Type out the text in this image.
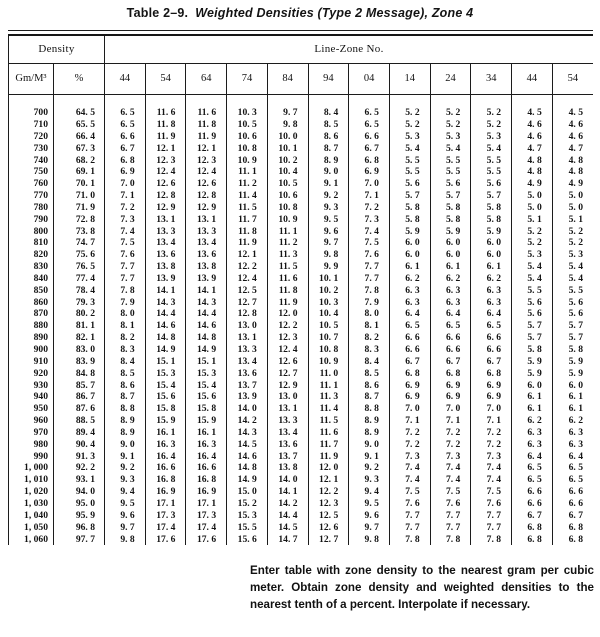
Table 2–9. Weighted Densities (Type 2 Message), Zone 4
Density		Line-Zone No.											
Gm/M³	%	44	54	64	74	84	94	04	14	24	34	44	54
700	64. 5	6. 5	11. 6	11. 6	10. 3	9. 7	8. 4	6. 5	5. 2	5. 2	5. 2	4. 5	4. 5
710	65. 5	6. 5	11. 8	11. 8	10. 5	9. 8	8. 5	6. 5	5. 2	5. 2	5. 2	4. 6	4. 6
720	66. 4	6. 6	11. 9	11. 9	10. 6	10. 0	8. 6	6. 6	5. 3	5. 3	5. 3	4. 6	4. 6
730	67. 3	6. 7	12. 1	12. 1	10. 8	10. 1	8. 7	6. 7	5. 4	5. 4	5. 4	4. 7	4. 7
740	68. 2	6. 8	12. 3	12. 3	10. 9	10. 2	8. 9	6. 8	5. 5	5. 5	5. 5	4. 8	4. 8
750	69. 1	6. 9	12. 4	12. 4	11. 1	10. 4	9. 0	6. 9	5. 5	5. 5	5. 5	4. 8	4. 8
760	70. 1	7. 0	12. 6	12. 6	11. 2	10. 5	9. 1	7. 0	5. 6	5. 6	5. 6	4. 9	4. 9
770	71. 0	7. 1	12. 8	12. 8	11. 4	10. 6	9. 2	7. 1	5. 7	5. 7	5. 7	5. 0	5. 0
780	71. 9	7. 2	12. 9	12. 9	11. 5	10. 8	9. 3	7. 2	5. 8	5. 8	5. 8	5. 0	5. 0
790	72. 8	7. 3	13. 1	13. 1	11. 7	10. 9	9. 5	7. 3	5. 8	5. 8	5. 8	5. 1	5. 1
800	73. 8	7. 4	13. 3	13. 3	11. 8	11. 1	9. 6	7. 4	5. 9	5. 9	5. 9	5. 2	5. 2
810	74. 7	7. 5	13. 4	13. 4	11. 9	11. 2	9. 7	7. 5	6. 0	6. 0	6. 0	5. 2	5. 2
820	75. 6	7. 6	13. 6	13. 6	12. 1	11. 3	9. 8	7. 6	6. 0	6. 0	6. 0	5. 3	5. 3
830	76. 5	7. 7	13. 8	13. 8	12. 2	11. 5	9. 9	7. 7	6. 1	6. 1	6. 1	5. 4	5. 4
840	77. 4	7. 7	13. 9	13. 9	12. 4	11. 6	10. 1	7. 7	6. 2	6. 2	6. 2	5. 4	5. 4
850	78. 4	7. 8	14. 1	14. 1	12. 5	11. 8	10. 2	7. 8	6. 3	6. 3	6. 3	5. 5	5. 5
860	79. 3	7. 9	14. 3	14. 3	12. 7	11. 9	10. 3	7. 9	6. 3	6. 3	6. 3	5. 6	5. 6
870	80. 2	8. 0	14. 4	14. 4	12. 8	12. 0	10. 4	8. 0	6. 4	6. 4	6. 4	5. 6	5. 6
880	81. 1	8. 1	14. 6	14. 6	13. 0	12. 2	10. 5	8. 1	6. 5	6. 5	6. 5	5. 7	5. 7
890	82. 1	8. 2	14. 8	14. 8	13. 1	12. 3	10. 7	8. 2	6. 6	6. 6	6. 6	5. 7	5. 7
900	83. 0	8. 3	14. 9	14. 9	13. 3	12. 4	10. 8	8. 3	6. 6	6. 6	6. 6	5. 8	5. 8
910	83. 9	8. 4	15. 1	15. 1	13. 4	12. 6	10. 9	8. 4	6. 7	6. 7	6. 7	5. 9	5. 9
920	84. 8	8. 5	15. 3	15. 3	13. 6	12. 7	11. 0	8. 5	6. 8	6. 8	6. 8	5. 9	5. 9
930	85. 7	8. 6	15. 4	15. 4	13. 7	12. 9	11. 1	8. 6	6. 9	6. 9	6. 9	6. 0	6. 0
940	86. 7	8. 7	15. 6	15. 6	13. 9	13. 0	11. 3	8. 7	6. 9	6. 9	6. 9	6. 1	6. 1
950	87. 6	8. 8	15. 8	15. 8	14. 0	13. 1	11. 4	8. 8	7. 0	7. 0	7. 0	6. 1	6. 1
960	88. 5	8. 9	15. 9	15. 9	14. 2	13. 3	11. 5	8. 9	7. 1	7. 1	7. 1	6. 2	6. 2
970	89. 4	8. 9	16. 1	16. 1	14. 3	13. 4	11. 6	8. 9	7. 2	7. 2	7. 2	6. 3	6. 3
980	90. 4	9. 0	16. 3	16. 3	14. 5	13. 6	11. 7	9. 0	7. 2	7. 2	7. 2	6. 3	6. 3
990	91. 3	9. 1	16. 4	16. 4	14. 6	13. 7	11. 9	9. 1	7. 3	7. 3	7. 3	6. 4	6. 4
1, 000	92. 2	9. 2	16. 6	16. 6	14. 8	13. 8	12. 0	9. 2	7. 4	7. 4	7. 4	6. 5	6. 5
1, 010	93. 1	9. 3	16. 8	16. 8	14. 9	14. 0	12. 1	9. 3	7. 4	7. 4	7. 4	6. 5	6. 5
1, 020	94. 0	9. 4	16. 9	16. 9	15. 0	14. 1	12. 2	9. 4	7. 5	7. 5	7. 5	6. 6	6. 6
1, 030	95. 0	9. 5	17. 1	17. 1	15. 2	14. 2	12. 3	9. 5	7. 6	7. 6	7. 6	6. 6	6. 6
1, 040	95. 9	9. 6	17. 3	17. 3	15. 3	14. 4	12. 5	9. 6	7. 7	7. 7	7. 7	6. 7	6. 7
1, 050	96. 8	9. 7	17. 4	17. 4	15. 5	14. 5	12. 6	9. 7	7. 7	7. 7	7. 7	6. 8	6. 8
1, 060	97. 7	9. 8	17. 6	17. 6	15. 6	14. 7	12. 7	9. 8	7. 8	7. 8	7. 8	6. 8	6. 8
Enter table with zone density to the nearest gram per cubic meter. Obtain zone density and weighted densities to the nearest tenth of a percent. Interpolate if necessary.
